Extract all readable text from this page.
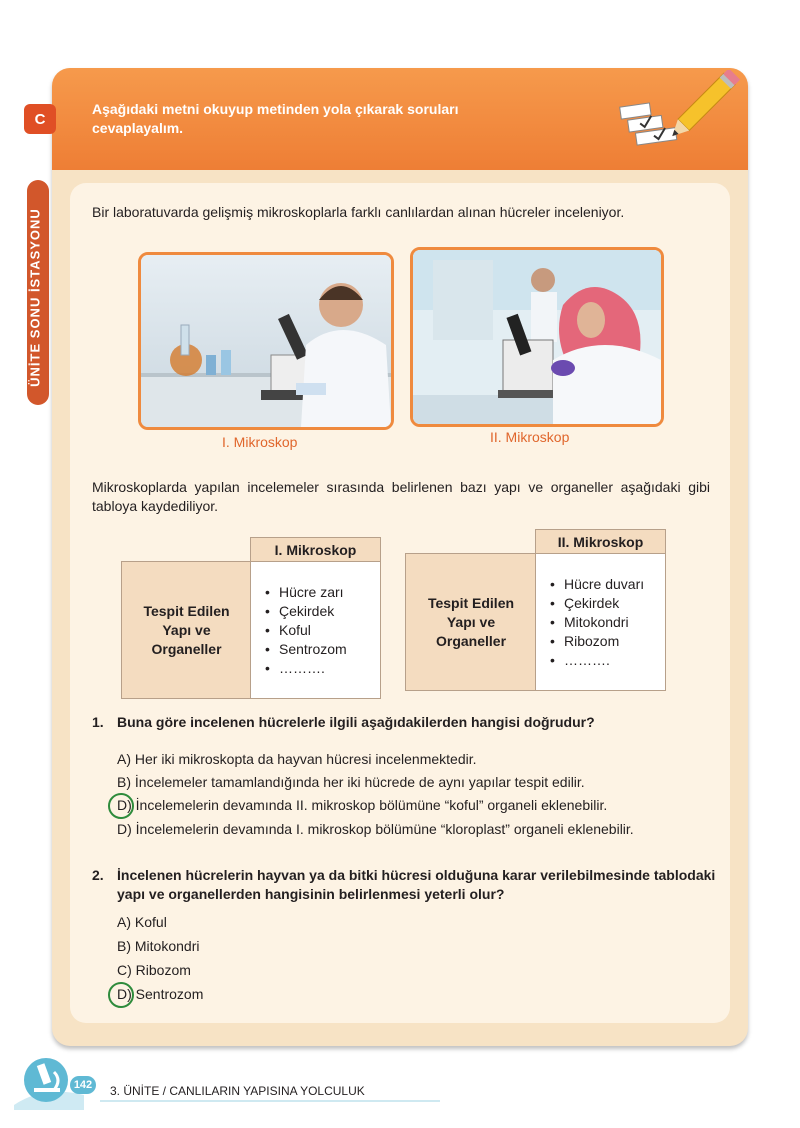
ÜNİTE SONU İSTASYONU
C
Aşağıdaki metni okuyup metinden yola çıkarak soruları cevaplayalım.
Bir laboratuvarda gelişmiş mikroskoplarla farklı canlılardan alınan hücreler inceleniyor.
I. Mikroskop	II. Mikroskop
Mikroskoplarda yapılan incelemeler sırasında belirlenen bazı yapı ve organeller aşağıdaki gibi tabloya kaydediliyor.
I. Mikroskop
Tespit Edilen Yapı ve Organeller
• Hücre zarı
• Çekirdek
• Koful
• Sentrozom
• ……….
II. Mikroskop
Tespit Edilen Yapı ve Organeller
• Hücre duvarı
• Çekirdek
• Mitokondri
• Ribozom
• ……….
1. Buna göre incelenen hücrelerle ilgili aşağıdakilerden hangisi doğrudur?
A) Her iki mikroskopta da hayvan hücresi incelenmektedir.
B) İncelemeler tamamlandığında her iki hücrede de aynı yapılar tespit edilir.
D) İncelemelerin devamında II. mikroskop bölümüne “koful” organeli eklenebilir.
D) İncelemelerin devamında I. mikroskop bölümüne “kloroplast” organeli eklenebilir.
2. İncelenen hücrelerin hayvan ya da bitki hücresi olduğuna karar verilebilmesinde tablodaki yapı ve organellerden hangisinin belirlenmesi yeterli olur?
A) Koful
B) Mitokondri
C) Ribozom
D) Sentrozom
142	3. ÜNİTE / CANLILARIN YAPISINA YOLCULUK
